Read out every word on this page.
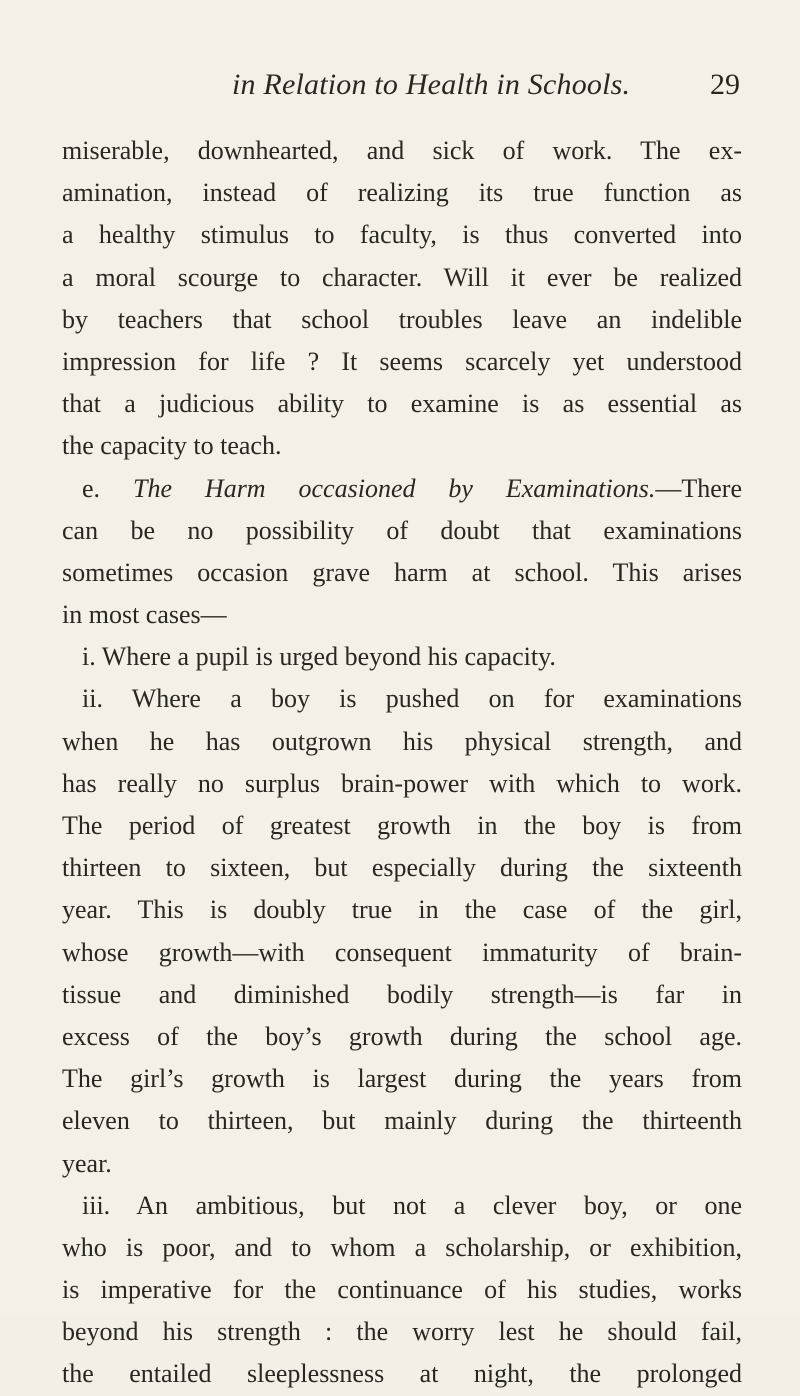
in Relation to Health in Schools.	29
miserable, downhearted, and sick of work. The ex-
amination, instead of realizing its true function as
a healthy stimulus to faculty, is thus converted into
a moral scourge to character. Will it ever be realized
by teachers that school troubles leave an indelible
impression for life ? It seems scarcely yet understood
that a judicious ability to examine is as essential as
the capacity to teach.
e. The Harm occasioned by Examinations.—There
can be no possibility of doubt that examinations
sometimes occasion grave harm at school. This arises
in most cases—
i. Where a pupil is urged beyond his capacity.
ii. Where a boy is pushed on for examinations
when he has outgrown his physical strength, and
has really no surplus brain-power with which to work.
The period of greatest growth in the boy is from
thirteen to sixteen, but especially during the sixteenth
year. This is doubly true in the case of the girl,
whose growth—with consequent immaturity of brain-
tissue and diminished bodily strength—is far in
excess of the boy’s growth during the school age.
The girl’s growth is largest during the years from
eleven to thirteen, but mainly during the thirteenth
year.
iii. An ambitious, but not a clever boy, or one
who is poor, and to whom a scholarship, or exhibition,
is imperative for the continuance of his studies, works
beyond his strength : the worry lest he should fail,
the entailed sleeplessness at night, the prolonged
